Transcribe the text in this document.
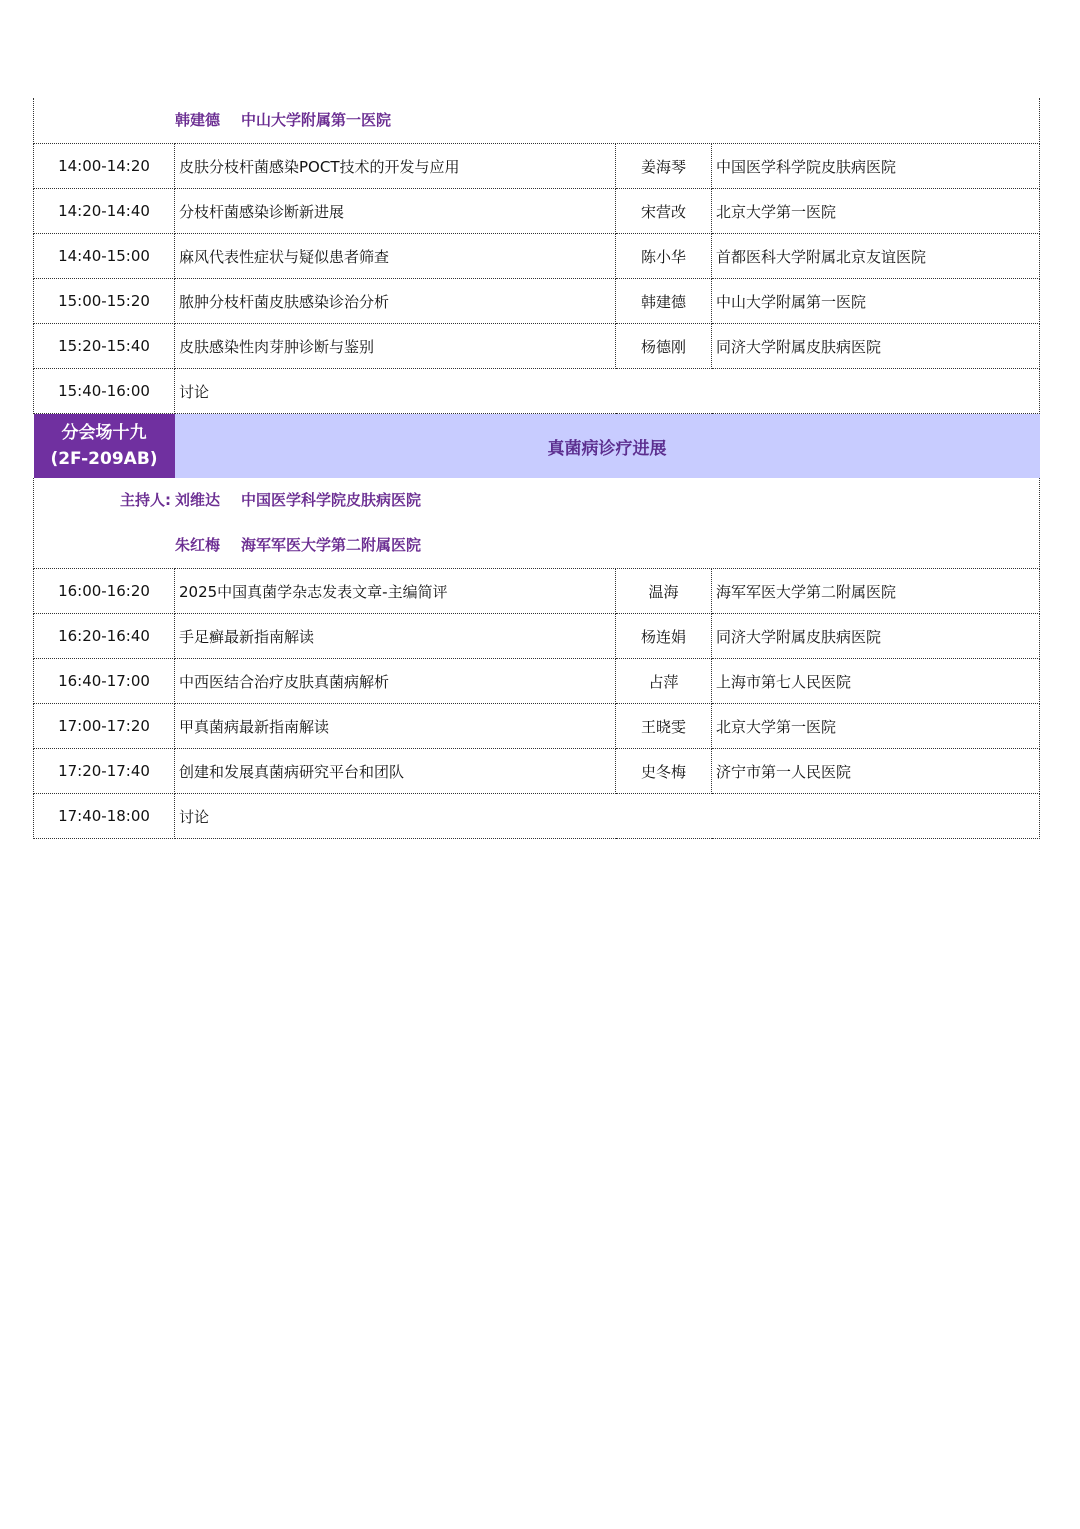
韩建德 中山大学附属第一医院			

14:00-14:20	皮肤分枝杆菌感染POCT技术的开发与应用	姜海琴	中国医学科学院皮肤病医院
14:20-14:40	分枝杆菌感染诊断新进展	宋营改	北京大学第一医院
14:40-15:00	麻风代表性症状与疑似患者筛查	陈小华	首都医科大学附属北京友谊医院
15:00-15:20	脓肿分枝杆菌皮肤感染诊治分析	韩建德	中山大学附属第一医院
15:20-15:40	皮肤感染性肉芽肿诊断与鉴别	杨德刚	同济大学附属皮肤病医院
15:40-16:00	讨论		

分会场十九
(2F-209AB)	真菌病诊疗进展		

主持人: 刘维达 中国医学科学院皮肤病医院
朱红梅 海军军医大学第二附属医院			

16:00-16:20	2025中国真菌学杂志发表文章-主编简评	温海	海军军医大学第二附属医院
16:20-16:40	手足癣最新指南解读	杨连娟	同济大学附属皮肤病医院
16:40-17:00	中西医结合治疗皮肤真菌病解析	占萍	上海市第七人民医院
17:00-17:20	甲真菌病最新指南解读	王晓雯	北京大学第一医院
17:20-17:40	创建和发展真菌病研究平台和团队	史冬梅	济宁市第一人民医院
17:40-18:00	讨论		
